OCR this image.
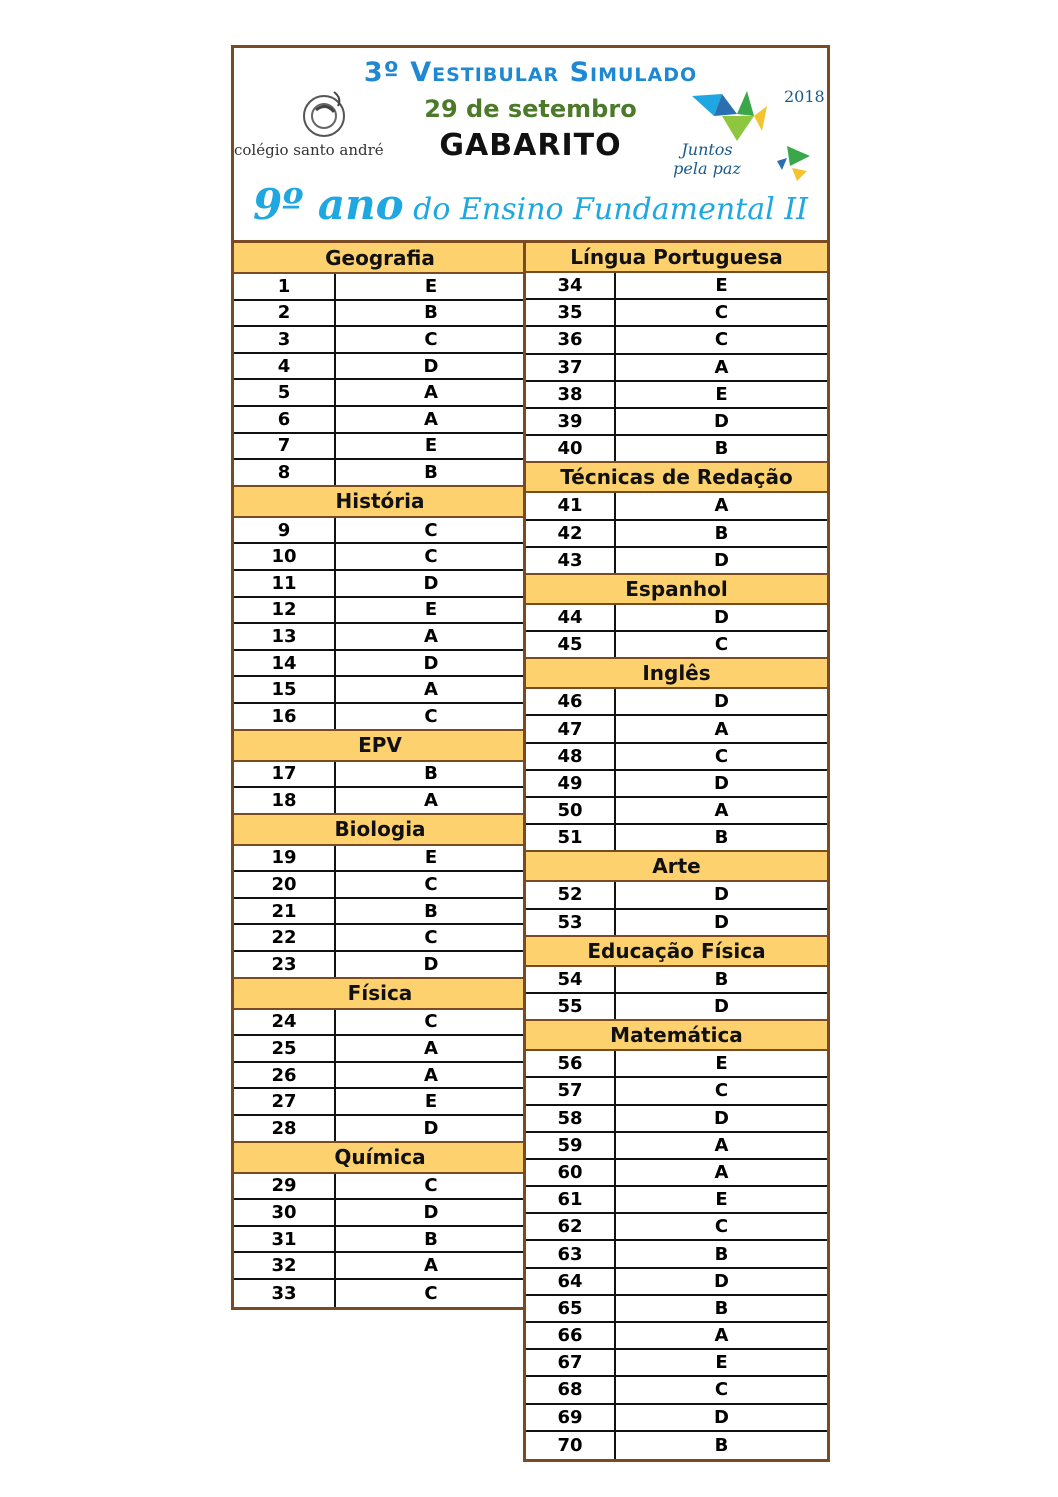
3º Vestibular Simulado
29 de setembro
GABARITO
9º ano do Ensino Fundamental II
colégio santo andré
2018
Juntos
pela paz
Geografia
1	E
2	B
3	C
4	D
5	A
6	A
7	E
8	B
História
9	C
10	C
11	D
12	E
13	A
14	D
15	A
16	C
EPV
17	B
18	A
Biologia
19	E
20	C
21	B
22	C
23	D
Física
24	C
25	A
26	A
27	E
28	D
Química
29	C
30	D
31	B
32	A
33	C
Língua Portuguesa
34	E
35	C
36	C
37	A
38	E
39	D
40	B
Técnicas de Redação
41	A
42	B
43	D
Espanhol
44	D
45	C
Inglês
46	D
47	A
48	C
49	D
50	A
51	B
Arte
52	D
53	D
Educação Física
54	B
55	D
Matemática
56	E
57	C
58	D
59	A
60	A
61	E
62	C
63	B
64	D
65	B
66	A
67	E
68	C
69	D
70	B
